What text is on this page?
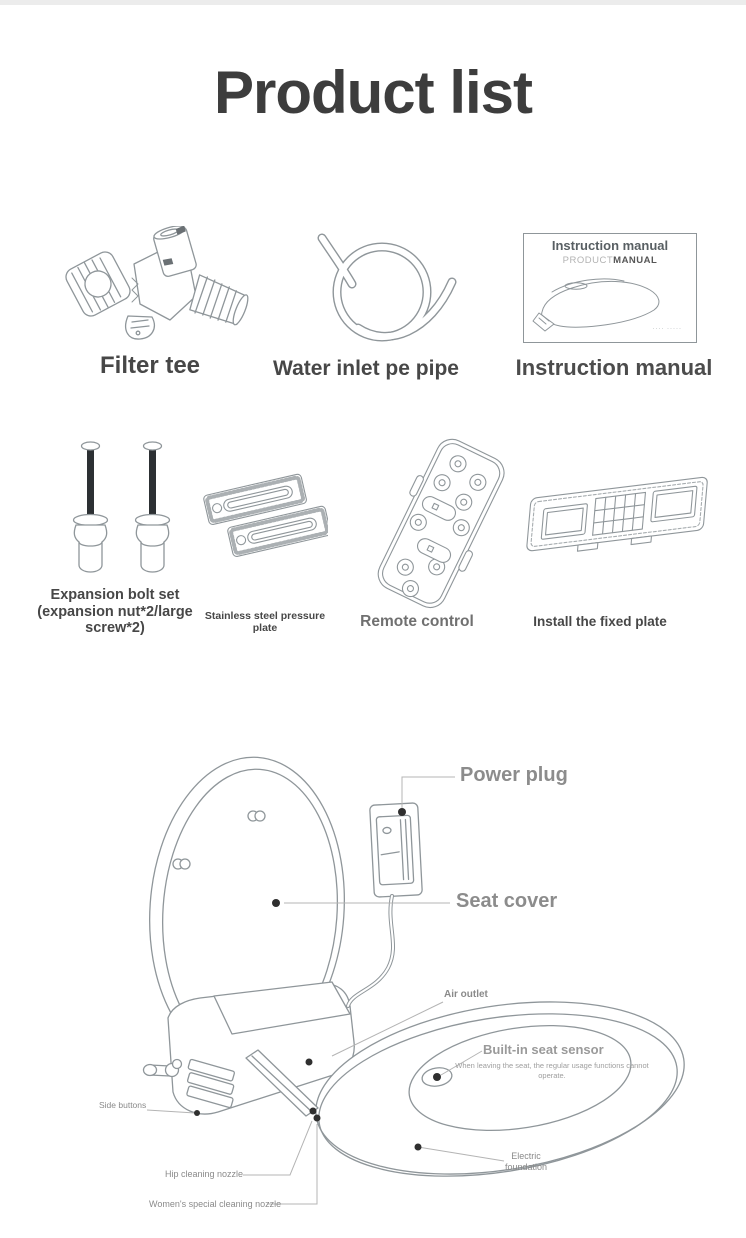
Product list
Filter tee	Water inlet pe pipe
Instruction manual
PRODUCTMANUAL
···· ·····
Instruction manual
Expansion bolt set
(expansion nut*2/large
screw*2)
Stainless steel pressure
plate	Remote control	Install the fixed plate
Power plug
Seat cover
Air outlet
Built-in seat sensor
When leaving the seat, the regular usage functions cannot operate.
Side buttons
Hip cleaning nozzle
Women's special cleaning nozzle
Electric
foundation
